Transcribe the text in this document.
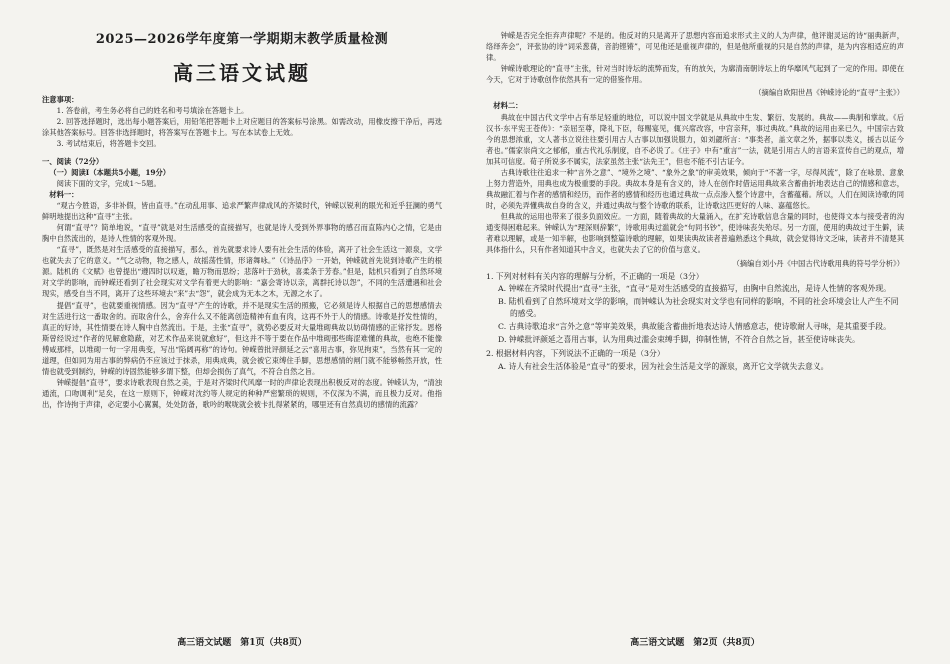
2025—2026学年度第一学期期末教学质量检测
高三语文试题
注意事项：

1. 答卷前，考生务必将自己的姓名和考号填涂在答题卡上。

2. 回答选择题时，选出每小题答案后，用铅笔把答题卡上对应题目的答案标号涂黑。如需改动，用橡皮擦干净后，再选涂其他答案标号。回答非选择题时，将答案写在答题卡上。写在本试卷上无效。

3. 考试结束后，将答题卡交回。

一、阅读（72分）
（一）阅读Ⅰ（本题共5小题，19分）

阅读下面的文字，完成1～5题。

材料一：

“观古今胜语，多非补假，皆由直寻。”在动乱用事、追求严繁声律成风的齐梁时代，钟嵘以锐利的眼光和近乎狂澜的勇气鲜明地提出这种“直寻”主张。

何谓“直寻”？简单地说，“直寻”就是对生活感受的直接描写，也就是诗人受到外界事物的感召而直陈内心之情，它是由胸中自然流出的，是诗人性情的客观外现。

“直寻”，既然是对生活感受的直接描写，那么，首先就要求诗人要有社会生活的体验，离开了社会生活这一源泉，文学也就失去了它的意义。“气之动物，物之感人，故摇荡性情，形诸舞咏。”（《诗品序》一开始，钟嵘就首先说到诗歌产生的根源。陆机的《文赋》也曾提出“遵四时以叹逝，瞻万物而思纷；悲落叶于劲秋，喜柔条于芳春。”但是，陆机只看到了自然环境对文学的影响，而钟嵘还看到了社会现实对文学有着更大的影响：“嘉会寄诗以亲，离群托诗以怨”，不同的生活遭遇和社会现实，感受自当不同，离开了这些环境去“来”去“怨”，就会成为无本之木，无源之水了。

提倡“直寻”，也就要重视情感。因为“直寻”产生的诗歌，并不是现实生活的照搬，它必须是诗人根据自己的思想感情去对生活进行这一番取舍的。而取舍什么，舍弃什么又不能离创造精神有血有肉，这再不外于人的情感。诗歌是抒发性情的，真正的好诗，其性情要在诗人胸中自然流出。于是，主张“直寻”，就势必要反对大量堆砌典故以妨碍情感的正常抒发。恩格斯曾经说过“作者的见解愈隐蔽，对艺术作品来说就愈好”，但这并不等于要在作品中堆砌那些晦涩难懂的典故，也绝不能像傅咸那样，以堆砌一句一字用典变，写出“陷阔再称”的诗句。钟嵘曾批评颜延之云“喜用古事，弥见拘束”，当然有其一定的道理，但如同为用古事的弊病仍不应该过于抹杀，用典成典，就会被它束缚住手脚，思想感情的闸门就不能够畅然开放，性情也就受到制约，钟嵘的诗固然能够多谓下整，但却会损伤了真气，不符合自然之旨。

钟嵘提倡“直寻”，要求诗歌表现自然之美，于是对齐梁时代风靡一时的声律论表现出积极反对的态度。钟嵘认为，“清浊通流，口吻调利”足矣，在这一原则下，钟嵘对沈约等人规定的种种严密繁琐的规则，不仅深为不满，而且极力反对。他指出，作诗拘于声律，必定要小心翼翼，处处防备，歌吟的喉咙就会被卡扎得紧紧的，哪里还有自然真切的感情的流露？

高三语文试题　第1页（共8页）

钟嵘是否完全拒弃声律呢？不是的。他反对的只是离开了思想内容而追求形式主义的人为声律，他评谢灵运的诗“丽典新声，络绎奔会”，评张协的诗“词采葱蒨，音韵铿锵”，可见他还是重视声律的，但是他所重视的只是自然的声律，是为内容相适应的声律。

钟嵘诗歌理论的“直寻”主张，针对当时诗坛的流弊而发，有的放矢，为廓清南朝诗坛上的华靡风气起到了一定的作用。即使在今天，它对于诗歌创作依然具有一定的借鉴作用。

（摘编自欧阳世昌《钟嵘诗论的“直寻”主张》）
材料二：

典故在中国古代文学中占有举足轻重的地位，可以说中国文学就是从典故中生发、繁衍、发展的。典故——典制和掌故。《后汉书·东平宪王苍传》：“亲屈至尊，降礼下臣，每赐宴见，辄兴席改容，中宫亲拜，事过典故。”典故的运用由来已久，中国宗古致今的思想浓重，文人著书立说往往要引用古人古事以加强说服力，如刘勰所言：“事类者，盖文章之外，据事以类义，援古以证今者也。”儒家崇尚文之郁郁，重古代礼乐制度，自不必说了。《庄子》中有“重言”一法，就是引用古人的言语来宣传自己的观点，增加其可信度。荀子所说多不属实，法家虽然主张“法先王”，但也不能不引古证今。

古典诗歌往往追求一种“言外之意”、“境外之境”、“象外之象”的审美效果，倾向于“不著一字，尽得风流”，除了在咏景、意象上努力营造外，用典也成为极重要的手段。典故本身是有含义的，诗人在创作时借运用典故来含蓄曲折地表达自己的情感和意志，典故融汇着与作者的感情和经历，而作者的感情和经历也通过典故一点点渗入整个诗意中，含蓄蕴藉。所以，人们在阅读诗歌的同时，必须先弄懂典故自身的含义，并通过典故与整个诗歌的联系，让诗歌这匹更好的人味、嘉蕴悠长。

但典故的运用也带来了很多负面效应。一方面，随着典故的大量涌入，在扩充诗歌信息含量的同时，也使得文本与接受者的沟通变得困难起来。钟嵘认为“理深则辞繁”，诗歌用典过滥就会“句同书钞”，使诗味丧失殆尽。另一方面，使用的典故过于生僻，读者难以理解，或是一知半解，也影响到整篇诗歌的理解，如果读典故读者普遍熟悉这个典故，就会觉得诗文乏味，读者并不清楚其具体指什么，只有作者知道其中含义，也就失去了它的价值与意义。

（摘编自刘小丹《中国古代诗歌用典的符号学分析》）
1. 下列对材料有关内容的理解与分析，不正确的一项是（3分）
A. 钟嵘在齐梁时代提出“直寻”主张，“直寻”是对生活感受的直接描写，由胸中自然流出，是诗人性情的客观外现。
B. 陆机看到了自然环境对文学的影响，而钟嵘认为社会现实对文学也有同样的影响，不同的社会环境会让人产生不同的感受。
C. 古典诗歌追求“言外之意”等审美效果，典故能含蓄曲折地表达诗人情感意志，使诗歌耐人寻味，是其重要手段。
D. 钟嵘批评颜延之喜用古事，认为用典过滥会束缚手脚，抑制性情，不符合自然之旨，甚至使诗味丧失。
2. 根据材料内容，下列说法不正确的一项是（3分）
A. 诗人有社会生活体验是“直寻”的要求，因为社会生活是文学的源泉，离开它文学就失去意义。
高三语文试题　第2页（共8页）
